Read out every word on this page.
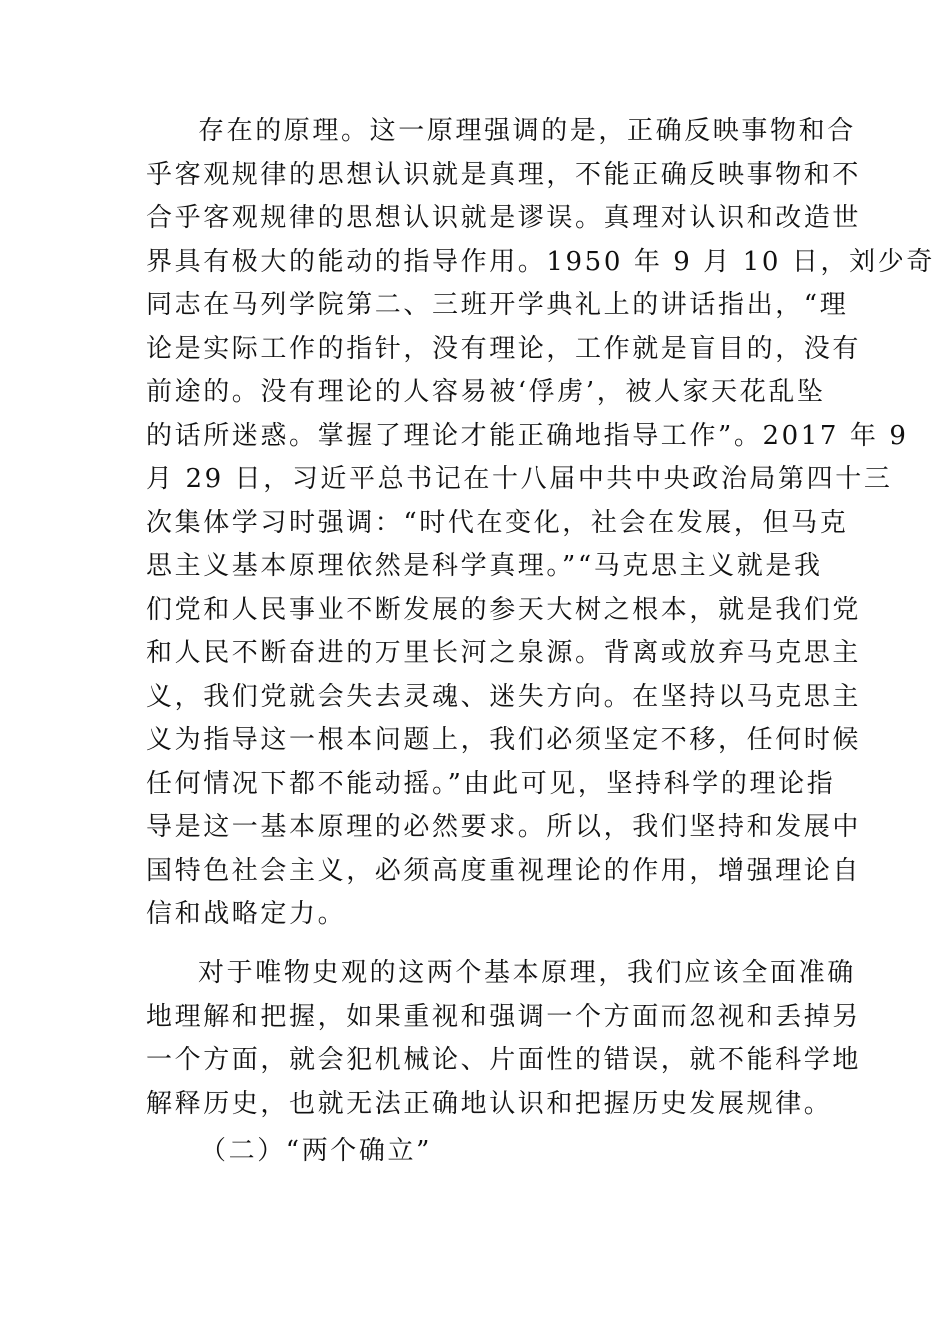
存在的原理。这一原理强调的是，正确反映事物和合
乎客观规律的思想认识就是真理，不能正确反映事物和不
合乎客观规律的思想认识就是谬误。真理对认识和改造世
界具有极大的能动的指导作用。1950 年 9 月 10 日，刘少奇
同志在马列学院第二、三班开学典礼上的讲话指出，“理
论是实际工作的指针，没有理论，工作就是盲目的，没有
前途的。没有理论的人容易被‘俘虏’，被人家天花乱坠
的话所迷惑。掌握了理论才能正确地指导工作”。2017 年 9
月 29 日，习近平总书记在十八届中共中央政治局第四十三
次集体学习时强调：“时代在变化，社会在发展，但马克
思主义基本原理依然是科学真理。”“马克思主义就是我
们党和人民事业不断发展的参天大树之根本，就是我们党
和人民不断奋进的万里长河之泉源。背离或放弃马克思主
义，我们党就会失去灵魂、迷失方向。在坚持以马克思主
义为指导这一根本问题上，我们必须坚定不移，任何时候
任何情况下都不能动摇。”由此可见，坚持科学的理论指
导是这一基本原理的必然要求。所以，我们坚持和发展中
国特色社会主义，必须高度重视理论的作用，增强理论自
信和战略定力。
对于唯物史观的这两个基本原理，我们应该全面准确
地理解和把握，如果重视和强调一个方面而忽视和丢掉另
一个方面，就会犯机械论、片面性的错误，就不能科学地
解释历史，也就无法正确地认识和把握历史发展规律。
（二）“两个确立”
